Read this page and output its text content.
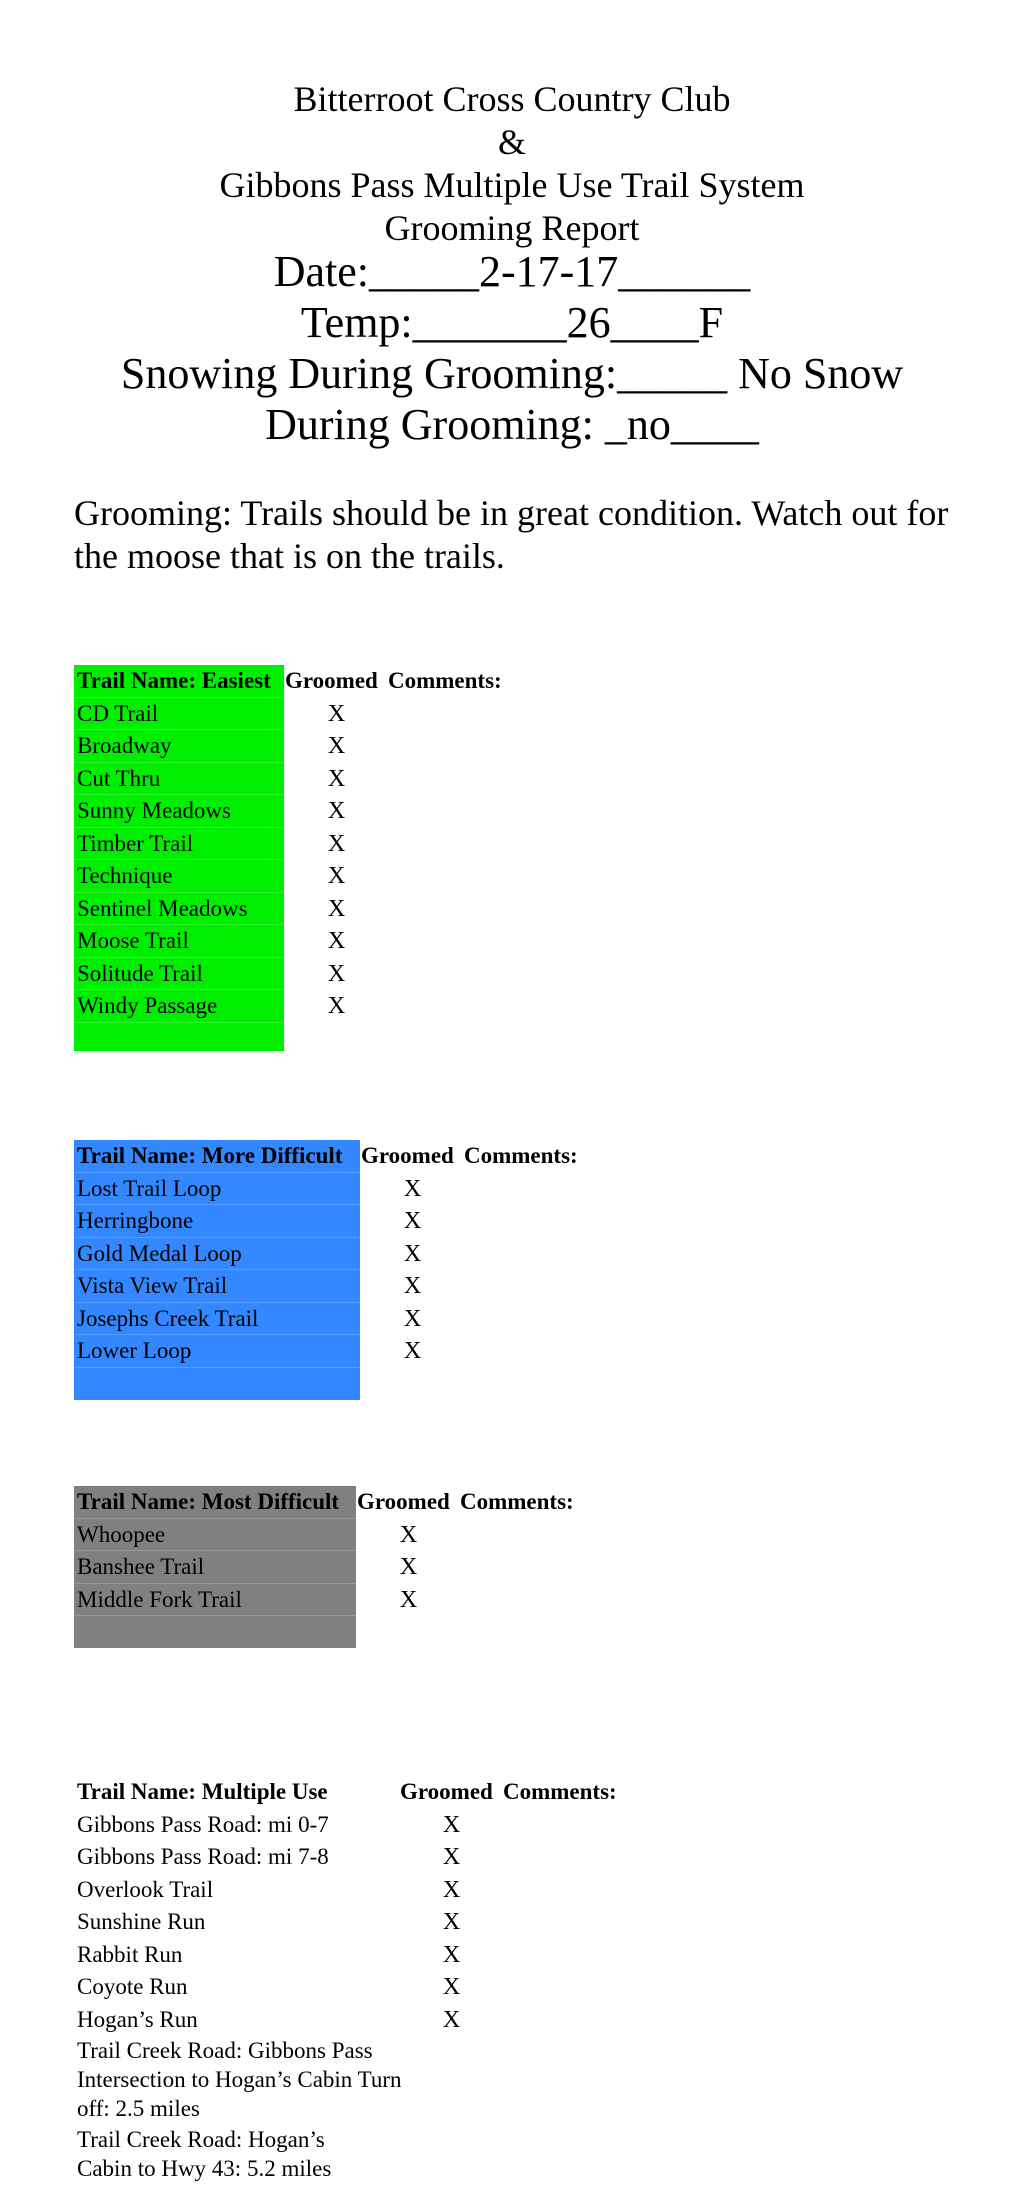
Bitterroot Cross Country Club
&
Gibbons Pass Multiple Use Trail System
Grooming Report
Date:_____2-17-17______
Temp:_______26____F
Snowing During Grooming:_____ No Snow
During Grooming: _no____
Grooming: Trails should be in great condition. Watch out for the moose that is on the trails.
Trail Name: Easiest Groomed Comments:
CD Trail	X
Broadway	X
Cut Thru	X
Sunny Meadows	X
Timber Trail	X
Technique	X
Sentinel Meadows	X
Moose Trail	X
Solitude Trail	X
Windy Passage	X
Trail Name: More Difficult Groomed Comments:
Lost Trail Loop	X
Herringbone	X
Gold Medal Loop	X
Vista View Trail	X
Josephs Creek Trail	X
Lower Loop	X
Trail Name: Most Difficult Groomed Comments:
Whoopee	X
Banshee Trail	X
Middle Fork Trail	X
Trail Name: Multiple Use	Groomed Comments:
Gibbons Pass Road: mi 0-7	X
Gibbons Pass Road: mi 7-8	X
Overlook Trail	X
Sunshine Run	X
Rabbit Run	X
Coyote Run	X
Hogan’s Run	X
Trail Creek Road: Gibbons Pass Intersection to Hogan’s Cabin Turn off: 2.5 miles
Trail Creek Road: Hogan’s Cabin to Hwy 43: 5.2 miles
